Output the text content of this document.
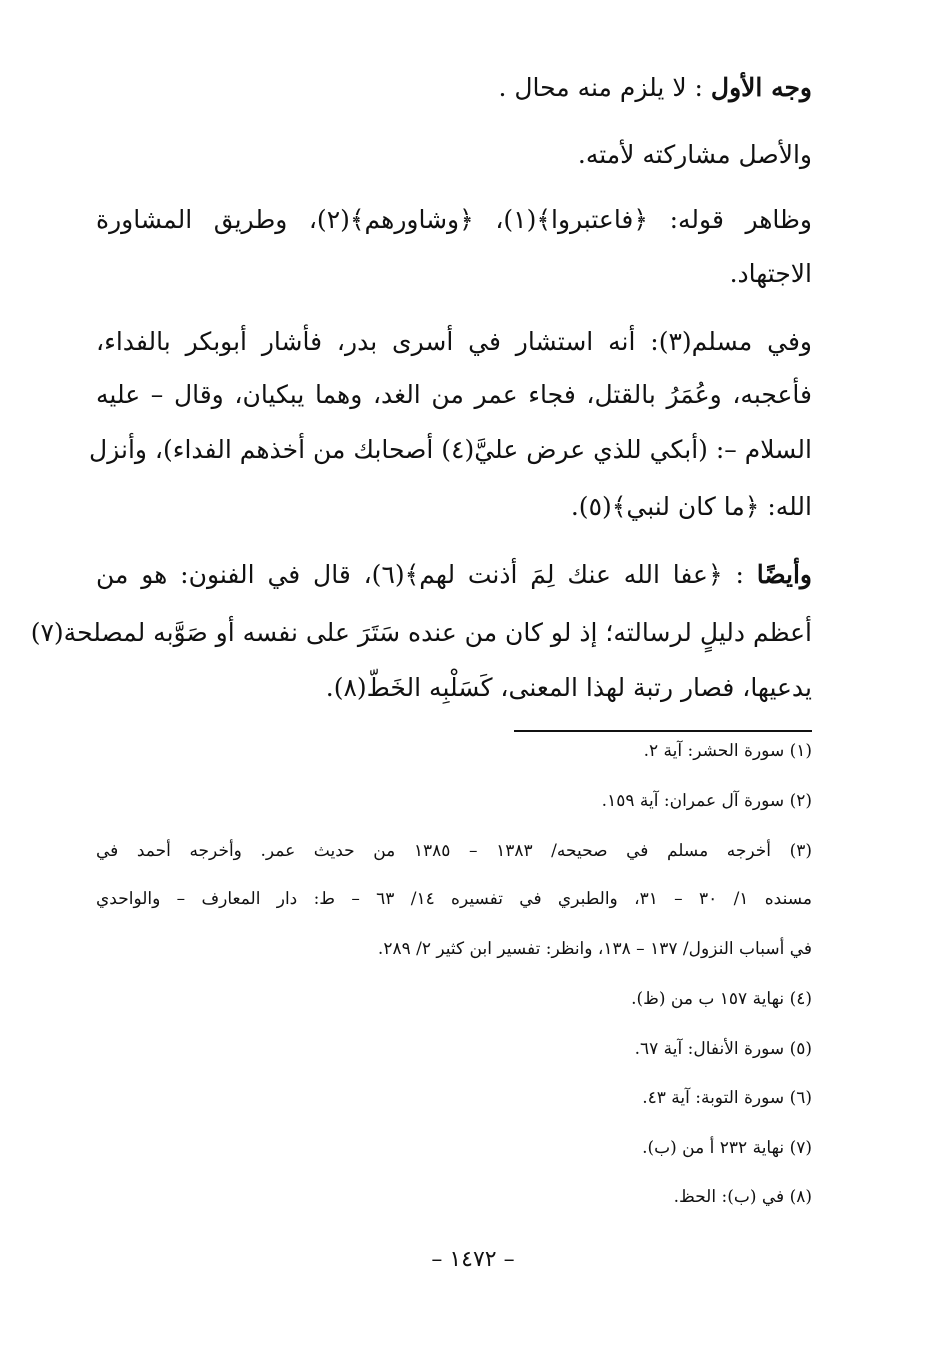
وجه الأول : لا يلزم منه محال .
والأصل مشاركته لأمته.
وظاهر قوله: ﴿فاعتبروا﴾(١)، ﴿وشاورهم﴾(٢)، وطريق المشاورة
الاجتهاد.
وفي مسلم(٣): أنه استشار في أسرى بدر، فأشار أبوبكر بالفداء،
فأعجبه، وعُمَرُ بالقتل، فجاء عمر من الغد، وهما يبكيان، وقال – عليه
السلام –: (أبكي للذي عرض عليَّ(٤) أصحابك من أخذهم الفداء)، وأنزل
الله: ﴿ما كان لنبي﴾(٥).
وأيضًا : ﴿عفا الله عنك لِمَ أذنت لهم﴾(٦)، قال في الفنون: هو من
أعظم دليلٍ لرسالته؛ إذ لو كان من عنده سَتَرَ على نفسه أو صَوَّبه لمصلحة(٧)
يدعيها، فصار رتبة لهذا المعنى، كَسَلْبِه الخَطّ(٨).
(١) سورة الحشر: آية ٢.
(٢) سورة آل عمران: آية ١٥٩.
(٣) أخرجه مسلم في صحيحه/ ١٣٨٣ – ١٣٨٥ من حديث عمر. وأخرجه أحمد في
مسنده ١/ ٣٠ – ٣١، والطبري في تفسيره ١٤/ ٦٣ – ط: دار المعارف – والواحدي
في أسباب النزول/ ١٣٧ – ١٣٨، وانظر: تفسير ابن كثير ٢/ ٢٨٩.
(٤) نهاية ١٥٧ ب من (ظ).
(٥) سورة الأنفال: آية ٦٧.
(٦) سورة التوبة: آية ٤٣.
(٧) نهاية ٢٣٢ أ من (ب).
(٨) في (ب): الحظ.
– ١٤٧٢ –
